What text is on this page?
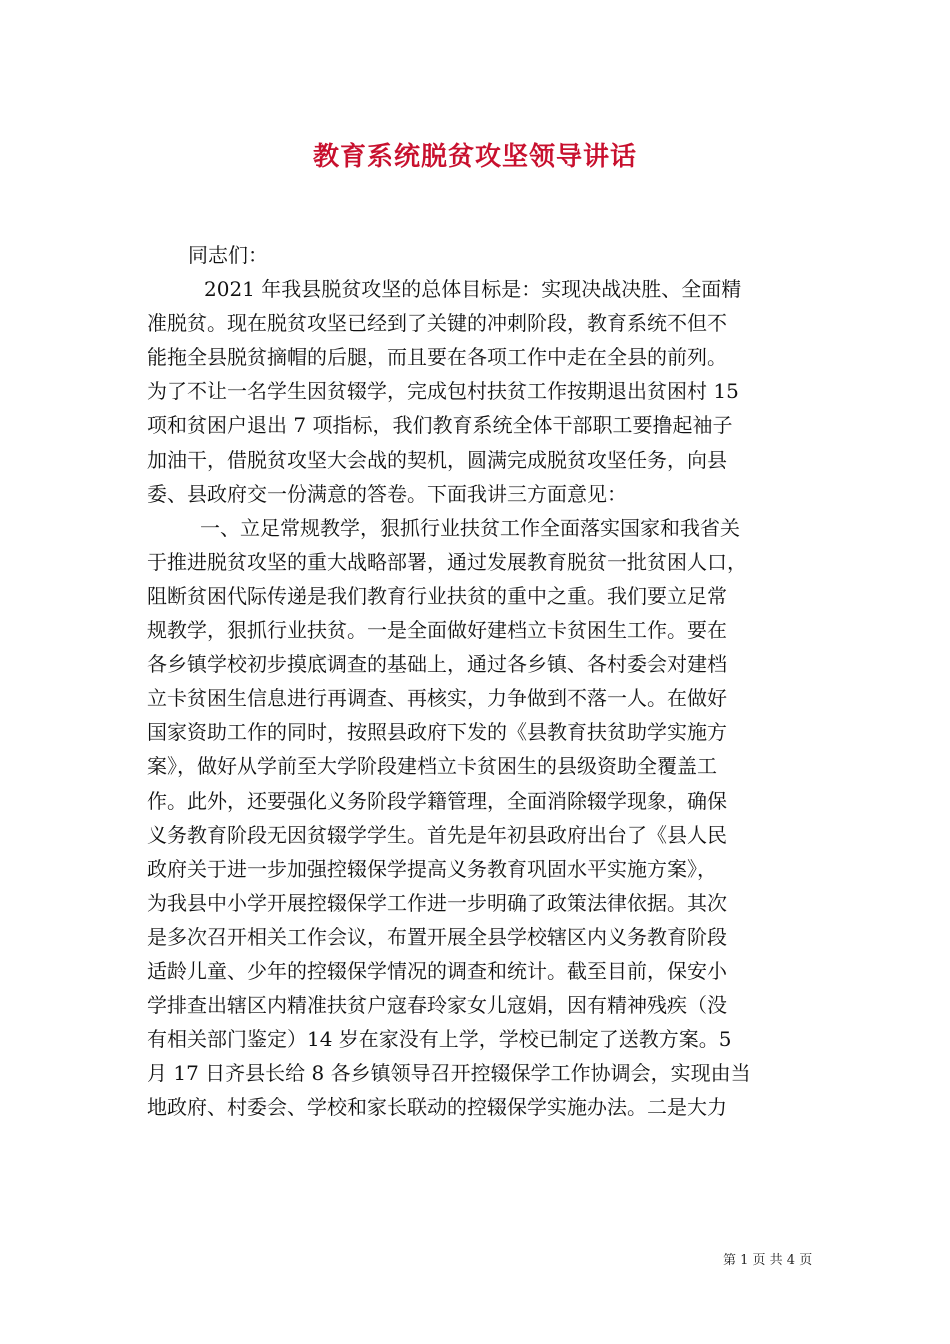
教育系统脱贫攻坚领导讲话
同志们：
2021 年我县脱贫攻坚的总体目标是：实现决战决胜、全面精
准脱贫。现在脱贫攻坚已经到了关键的冲刺阶段，教育系统不但不
能拖全县脱贫摘帽的后腿，而且要在各项工作中走在全县的前列。
为了不让一名学生因贫辍学，完成包村扶贫工作按期退出贫困村 15
项和贫困户退出 7 项指标，我们教育系统全体干部职工要撸起袖子
加油干，借脱贫攻坚大会战的契机，圆满完成脱贫攻坚任务，向县
委、县政府交一份满意的答卷。下面我讲三方面意见：
一、立足常规教学，狠抓行业扶贫工作全面落实国家和我省关
于推进脱贫攻坚的重大战略部署，通过发展教育脱贫一批贫困人口，
阻断贫困代际传递是我们教育行业扶贫的重中之重。我们要立足常
规教学，狠抓行业扶贫。一是全面做好建档立卡贫困生工作。要在
各乡镇学校初步摸底调查的基础上，通过各乡镇、各村委会对建档
立卡贫困生信息进行再调查、再核实，力争做到不落一人。在做好
国家资助工作的同时，按照县政府下发的《县教育扶贫助学实施方
案》，做好从学前至大学阶段建档立卡贫困生的县级资助全覆盖工
作。此外，还要强化义务阶段学籍管理，全面消除辍学现象，确保
义务教育阶段无因贫辍学学生。首先是年初县政府出台了《县人民
政府关于进一步加强控辍保学提高义务教育巩固水平实施方案》，
为我县中小学开展控辍保学工作进一步明确了政策法律依据。其次
是多次召开相关工作会议，布置开展全县学校辖区内义务教育阶段
适龄儿童、少年的控辍保学情况的调查和统计。截至目前，保安小
学排查出辖区内精准扶贫户寇春玲家女儿寇娟，因有精神残疾（没
有相关部门鉴定）14 岁在家没有上学，学校已制定了送教方案。5
月 17 日齐县长给 8 各乡镇领导召开控辍保学工作协调会，实现由当
地政府、村委会、学校和家长联动的控辍保学实施办法。二是大力
第 1 页 共 4 页
